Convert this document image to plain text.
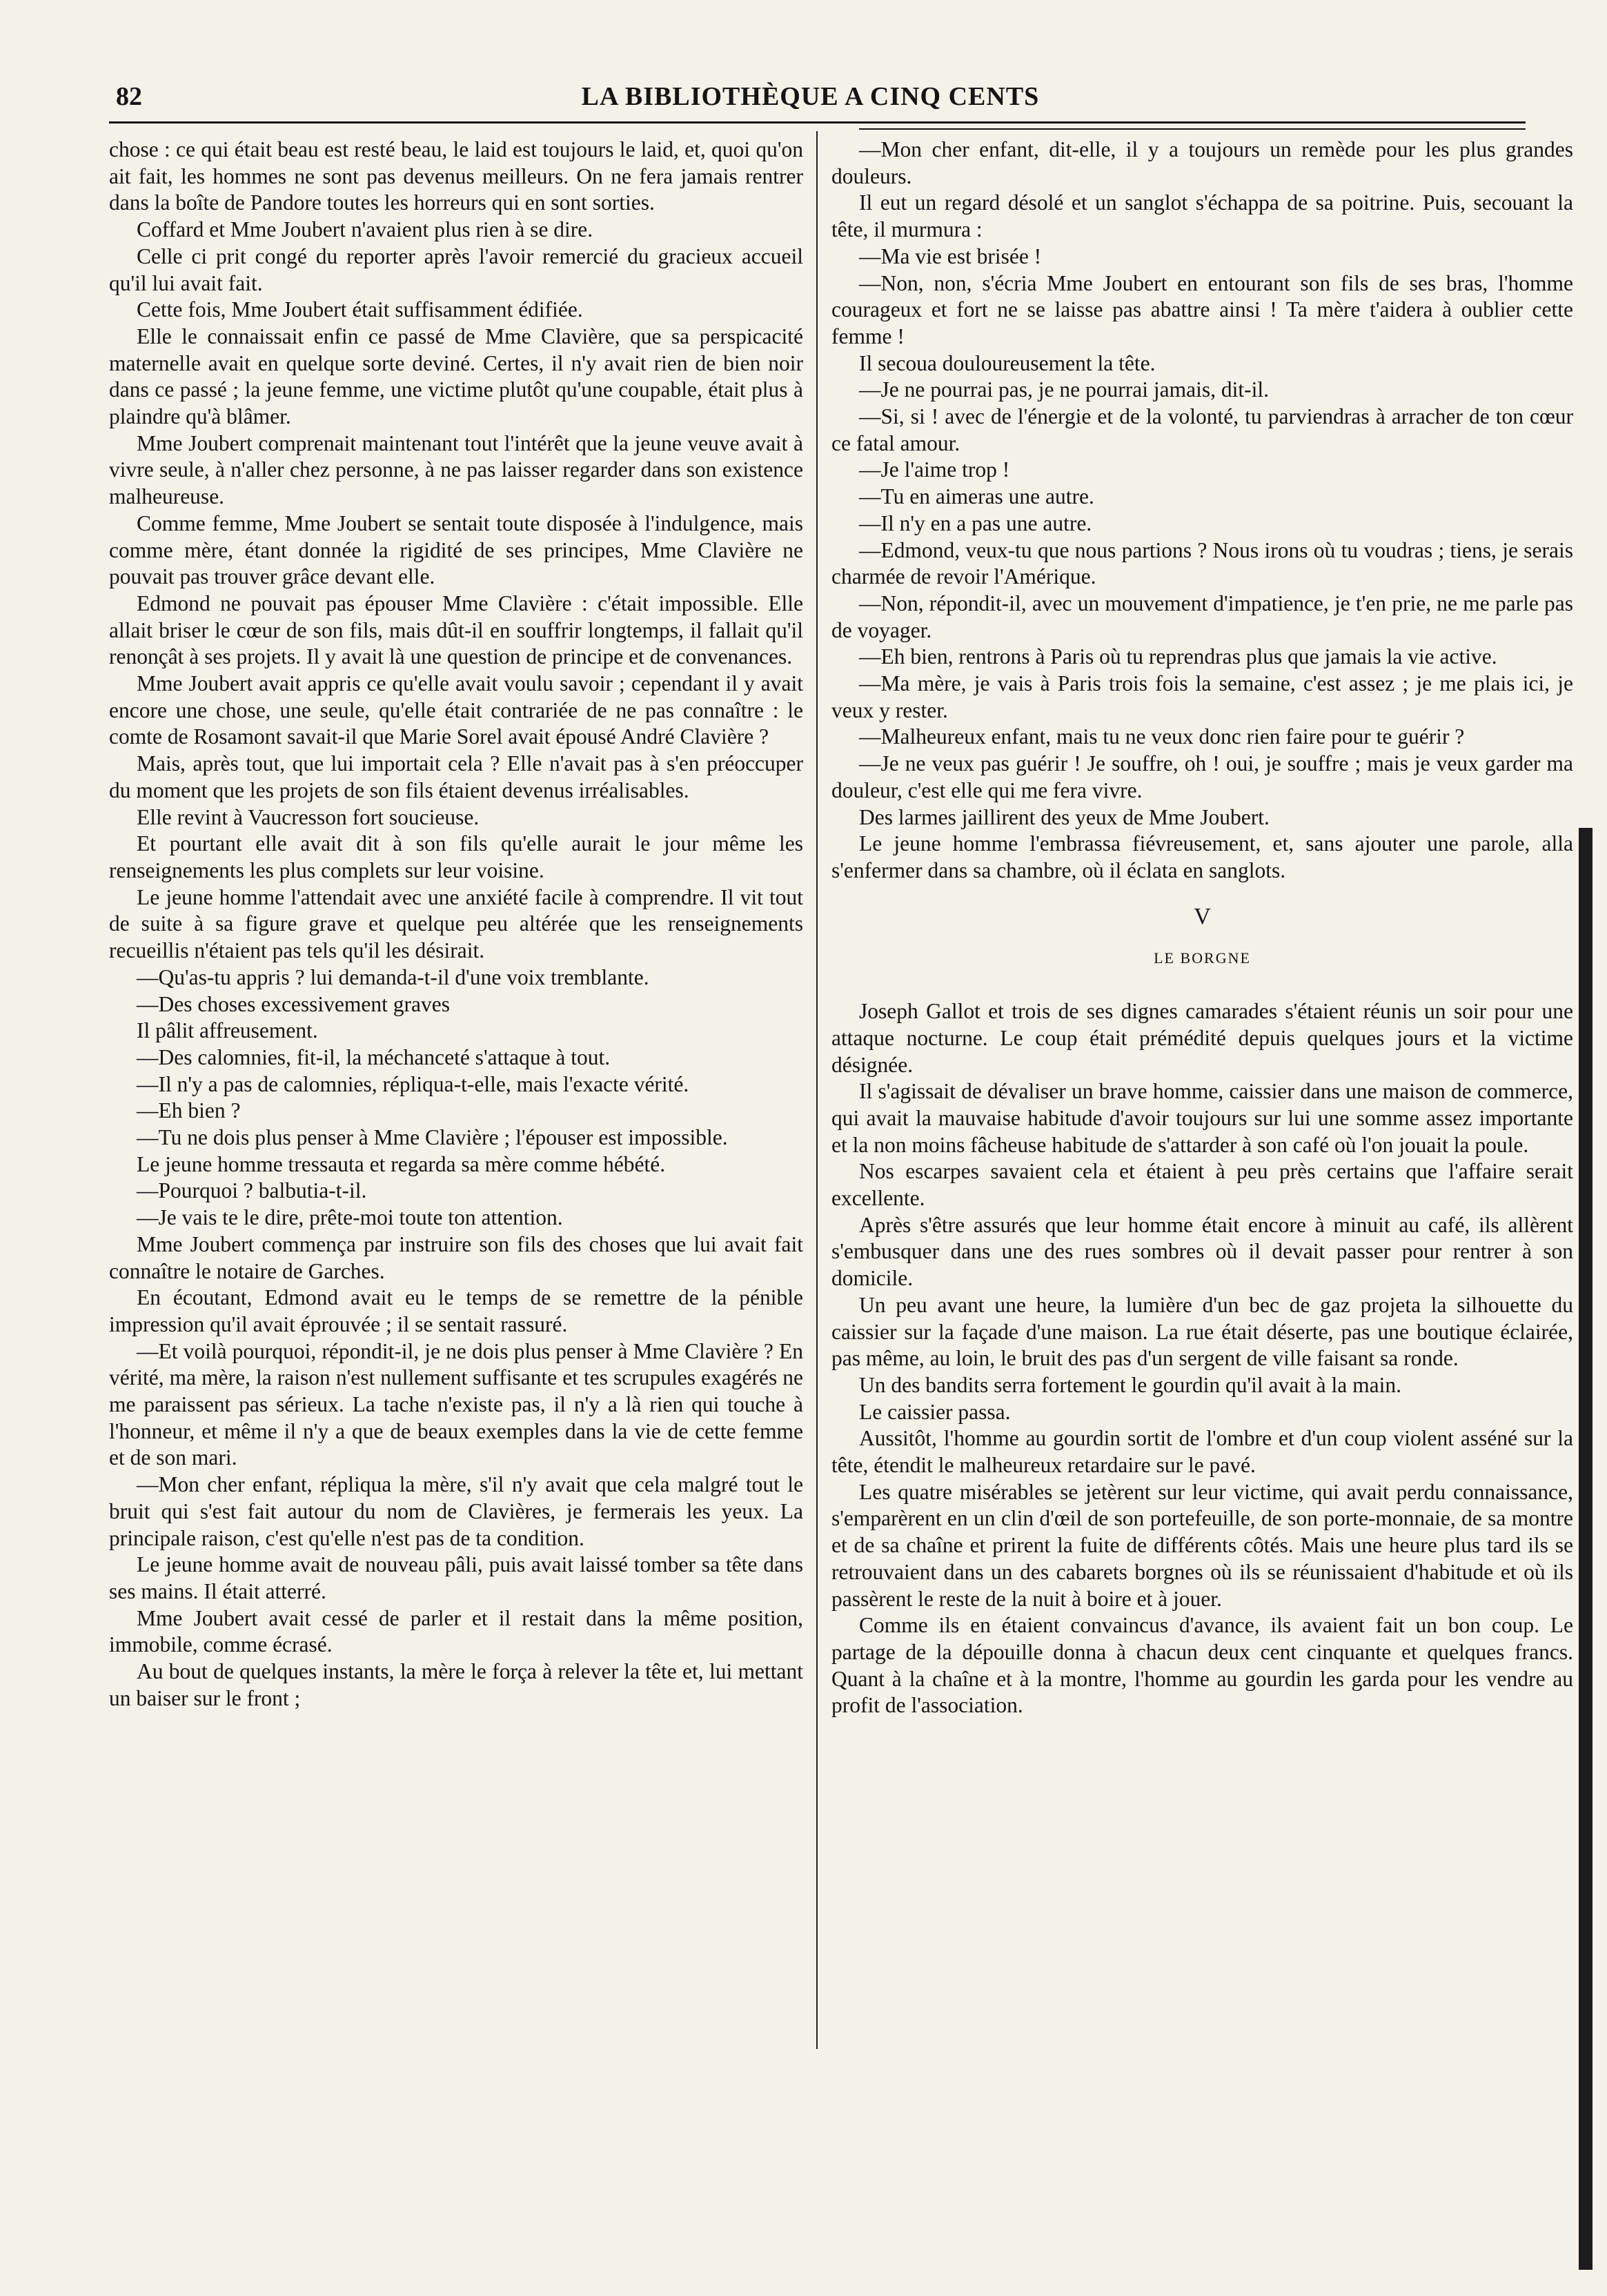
82	LA BIBLIOTHÈQUE A CINQ CENTS

chose : ce qui était beau est resté beau, le laid est toujours le laid, et, quoi qu'on ait fait, les hommes ne sont pas devenus meilleurs. On ne fera jamais rentrer dans la boîte de Pandore toutes les horreurs qui en sont sorties.

Coffard et Mme Joubert n'avaient plus rien à se dire.

Celle ci prit congé du reporter après l'avoir remercié du gracieux accueil qu'il lui avait fait.

Cette fois, Mme Joubert était suffisamment édifiée.

Elle le connaissait enfin ce passé de Mme Clavière, que sa perspicacité maternelle avait en quelque sorte deviné. Certes, il n'y avait rien de bien noir dans ce passé ; la jeune femme, une victime plutôt qu'une coupable, était plus à plaindre qu'à blâmer.

Mme Joubert comprenait maintenant tout l'intérêt que la jeune veuve avait à vivre seule, à n'aller chez personne, à ne pas laisser regarder dans son existence malheureuse.

Comme femme, Mme Joubert se sentait toute disposée à l'indulgence, mais comme mère, étant donnée la rigidité de ses principes, Mme Clavière ne pouvait pas trouver grâce devant elle.

Edmond ne pouvait pas épouser Mme Clavière : c'était impossible. Elle allait briser le cœur de son fils, mais dût-il en souffrir longtemps, il fallait qu'il renonçât à ses projets. Il y avait là une question de principe et de convenances.

Mme Joubert avait appris ce qu'elle avait voulu savoir ; cependant il y avait encore une chose, une seule, qu'elle était contrariée de ne pas connaître : le comte de Rosamont savait-il que Marie Sorel avait épousé André Clavière ?

Mais, après tout, que lui importait cela ? Elle n'avait pas à s'en préoccuper du moment que les projets de son fils étaient devenus irréalisables.

Elle revint à Vaucresson fort soucieuse.

Et pourtant elle avait dit à son fils qu'elle aurait le jour même les renseignements les plus complets sur leur voisine.

Le jeune homme l'attendait avec une anxiété facile à comprendre. Il vit tout de suite à sa figure grave et quelque peu altérée que les renseignements recueillis n'étaient pas tels qu'il les désirait.

—Qu'as-tu appris ? lui demanda-t-il d'une voix tremblante.

—Des choses excessivement graves

Il pâlit affreusement.

—Des calomnies, fit-il, la méchanceté s'attaque à tout.

—Il n'y a pas de calomnies, répliqua-t-elle, mais l'exacte vérité.

—Eh bien ?

—Tu ne dois plus penser à Mme Clavière ; l'épouser est impossible.

Le jeune homme tressauta et regarda sa mère comme hébété.

—Pourquoi ? balbutia-t-il.

—Je vais te le dire, prête-moi toute ton attention.

Mme Joubert commença par instruire son fils des choses que lui avait fait connaître le notaire de Garches.

En écoutant, Edmond avait eu le temps de se remettre de la pénible impression qu'il avait éprouvée ; il se sentait rassuré.

—Et voilà pourquoi, répondit-il, je ne dois plus penser à Mme Clavière ? En vérité, ma mère, la raison n'est nullement suffisante et tes scrupules exagérés ne me paraissent pas sérieux. La tache n'existe pas, il n'y a là rien qui touche à l'honneur, et même il n'y a que de beaux exemples dans la vie de cette femme et de son mari.

—Mon cher enfant, répliqua la mère, s'il n'y avait que cela malgré tout le bruit qui s'est fait autour du nom de Clavières, je fermerais les yeux. La principale raison, c'est qu'elle n'est pas de ta condition.

Le jeune homme avait de nouveau pâli, puis avait laissé tomber sa tête dans ses mains. Il était atterré.

Mme Joubert avait cessé de parler et il restait dans la même position, immobile, comme écrasé.

Au bout de quelques instants, la mère le força à relever la tête et, lui mettant un baiser sur le front ;

—Mon cher enfant, dit-elle, il y a toujours un remède pour les plus grandes douleurs.

Il eut un regard désolé et un sanglot s'échappa de sa poitrine. Puis, secouant la tête, il murmura :

—Ma vie est brisée !

—Non, non, s'écria Mme Joubert en entourant son fils de ses bras, l'homme courageux et fort ne se laisse pas abattre ainsi ! Ta mère t'aidera à oublier cette femme !

Il secoua douloureusement la tête.

—Je ne pourrai pas, je ne pourrai jamais, dit-il.

—Si, si ! avec de l'énergie et de la volonté, tu parviendras à arracher de ton cœur ce fatal amour.

—Je l'aime trop !

—Tu en aimeras une autre.

—Il n'y en a pas une autre.

—Edmond, veux-tu que nous partions ? Nous irons où tu voudras ; tiens, je serais charmée de revoir l'Amérique.

—Non, répondit-il, avec un mouvement d'impatience, je t'en prie, ne me parle pas de voyager.

—Eh bien, rentrons à Paris où tu reprendras plus que jamais la vie active.

—Ma mère, je vais à Paris trois fois la semaine, c'est assez ; je me plais ici, je veux y rester.

—Malheureux enfant, mais tu ne veux donc rien faire pour te guérir ?

—Je ne veux pas guérir ! Je souffre, oh ! oui, je souffre ; mais je veux garder ma douleur, c'est elle qui me fera vivre.

Des larmes jaillirent des yeux de Mme Joubert.

Le jeune homme l'embrassa fiévreusement, et, sans ajouter une parole, alla s'enfermer dans sa chambre, où il éclata en sanglots.

V

LE BORGNE

Joseph Gallot et trois de ses dignes camarades s'étaient réunis un soir pour une attaque nocturne. Le coup était prémédité depuis quelques jours et la victime désignée.

Il s'agissait de dévaliser un brave homme, caissier dans une maison de commerce, qui avait la mauvaise habitude d'avoir toujours sur lui une somme assez importante et la non moins fâcheuse habitude de s'attarder à son café où l'on jouait la poule.

Nos escarpes savaient cela et étaient à peu près certains que l'affaire serait excellente.

Après s'être assurés que leur homme était encore à minuit au café, ils allèrent s'embusquer dans une des rues sombres où il devait passer pour rentrer à son domicile.

Un peu avant une heure, la lumière d'un bec de gaz projeta la silhouette du caissier sur la façade d'une maison. La rue était déserte, pas une boutique éclairée, pas même, au loin, le bruit des pas d'un sergent de ville faisant sa ronde.

Un des bandits serra fortement le gourdin qu'il avait à la main.

Le caissier passa.

Aussitôt, l'homme au gourdin sortit de l'ombre et d'un coup violent asséné sur la tête, étendit le malheureux retardaire sur le pavé.

Les quatre misérables se jetèrent sur leur victime, qui avait perdu connaissance, s'emparèrent en un clin d'œil de son portefeuille, de son porte-monnaie, de sa montre et de sa chaîne et prirent la fuite de différents côtés. Mais une heure plus tard ils se retrouvaient dans un des cabarets borgnes où ils se réunissaient d'habitude et où ils passèrent le reste de la nuit à boire et à jouer.

Comme ils en étaient convaincus d'avance, ils avaient fait un bon coup. Le partage de la dépouille donna à chacun deux cent cinquante et quelques francs. Quant à la chaîne et à la montre, l'homme au gourdin les garda pour les vendre au profit de l'association.
